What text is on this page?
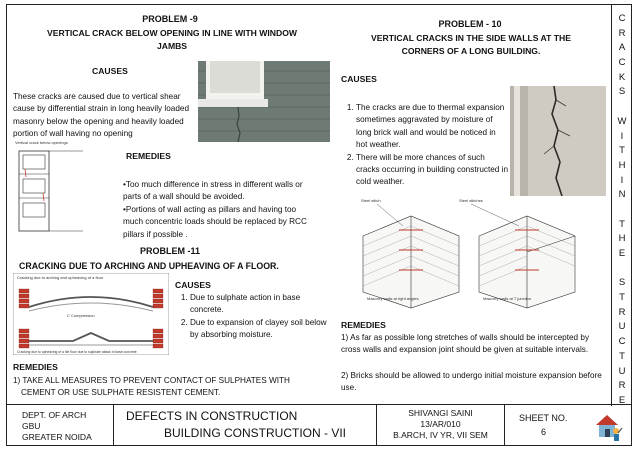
C
R
A
C
K
S
W
I
T
H
I
N
T
H
E
S
T
R
U
C
T
U
R
E
PROBLEM -9
VERTICAL CRACK BELOW OPENING IN LINE WITH WINDOW
JAMBS
CAUSES
These cracks are caused due to vertical shear cause by differential strain in long heavily loaded masonry below the opening and heavily loaded portion of wall having no opening
Vertical crack below openings
REMEDIES
•Too much difference in stress in different walls or parts of a wall should be avoided.
•Portions of wall acting as pillars and having too much concentric loads should be replaced by RCC pillars if possible .
PROBLEM - 10
VERTICAL CRACKS IN THE SIDE WALLS AT THE
CORNERS OF A LONG BUILDING.
CAUSES
1. The cracks are due to thermal expansion sometimes aggravated by moisture of long brick wall and would be noticed in hot weather.
2. There will be more chances of such cracks occurring in building constructed in cold weather.
Steel stitch	Steel stitches
Masonry walls at right angles	Masonry walls at T junction
REMEDIES
1) As far as possible long stretches of walls should be intercepted by cross walls and expansion joint should be given at suitable intervals.
2) Bricks should be allowed to undergo initial moisture expansion before use.
PROBLEM -11
CRACKING DUE TO ARCHING AND UPHEAVING OF A FLOOR.
Cracking due to arching and upheaving of a floor
C Compression
Cracking due to upheaving of a tile floor due to sulphate attack in base concrete
CAUSES
1. Due to sulphate action in base concrete.
2. Due to expansion of clayey soil below by absorbing moisture.
REMEDIES
1) TAKE ALL MEASURES TO PREVENT CONTACT OF SULPHATES WITH
CEMENT OR USE SULPHATE RESISTENT CEMENT.
DEPT. OF ARCH
GBU
GREATER NOIDA
DEFECTS IN CONSTRUCTION
BUILDING CONSTRUCTION - VII
SHIVANGI SAINI
13/AR/010
B.ARCH, IV YR, VII SEM
SHEET NO.
6
